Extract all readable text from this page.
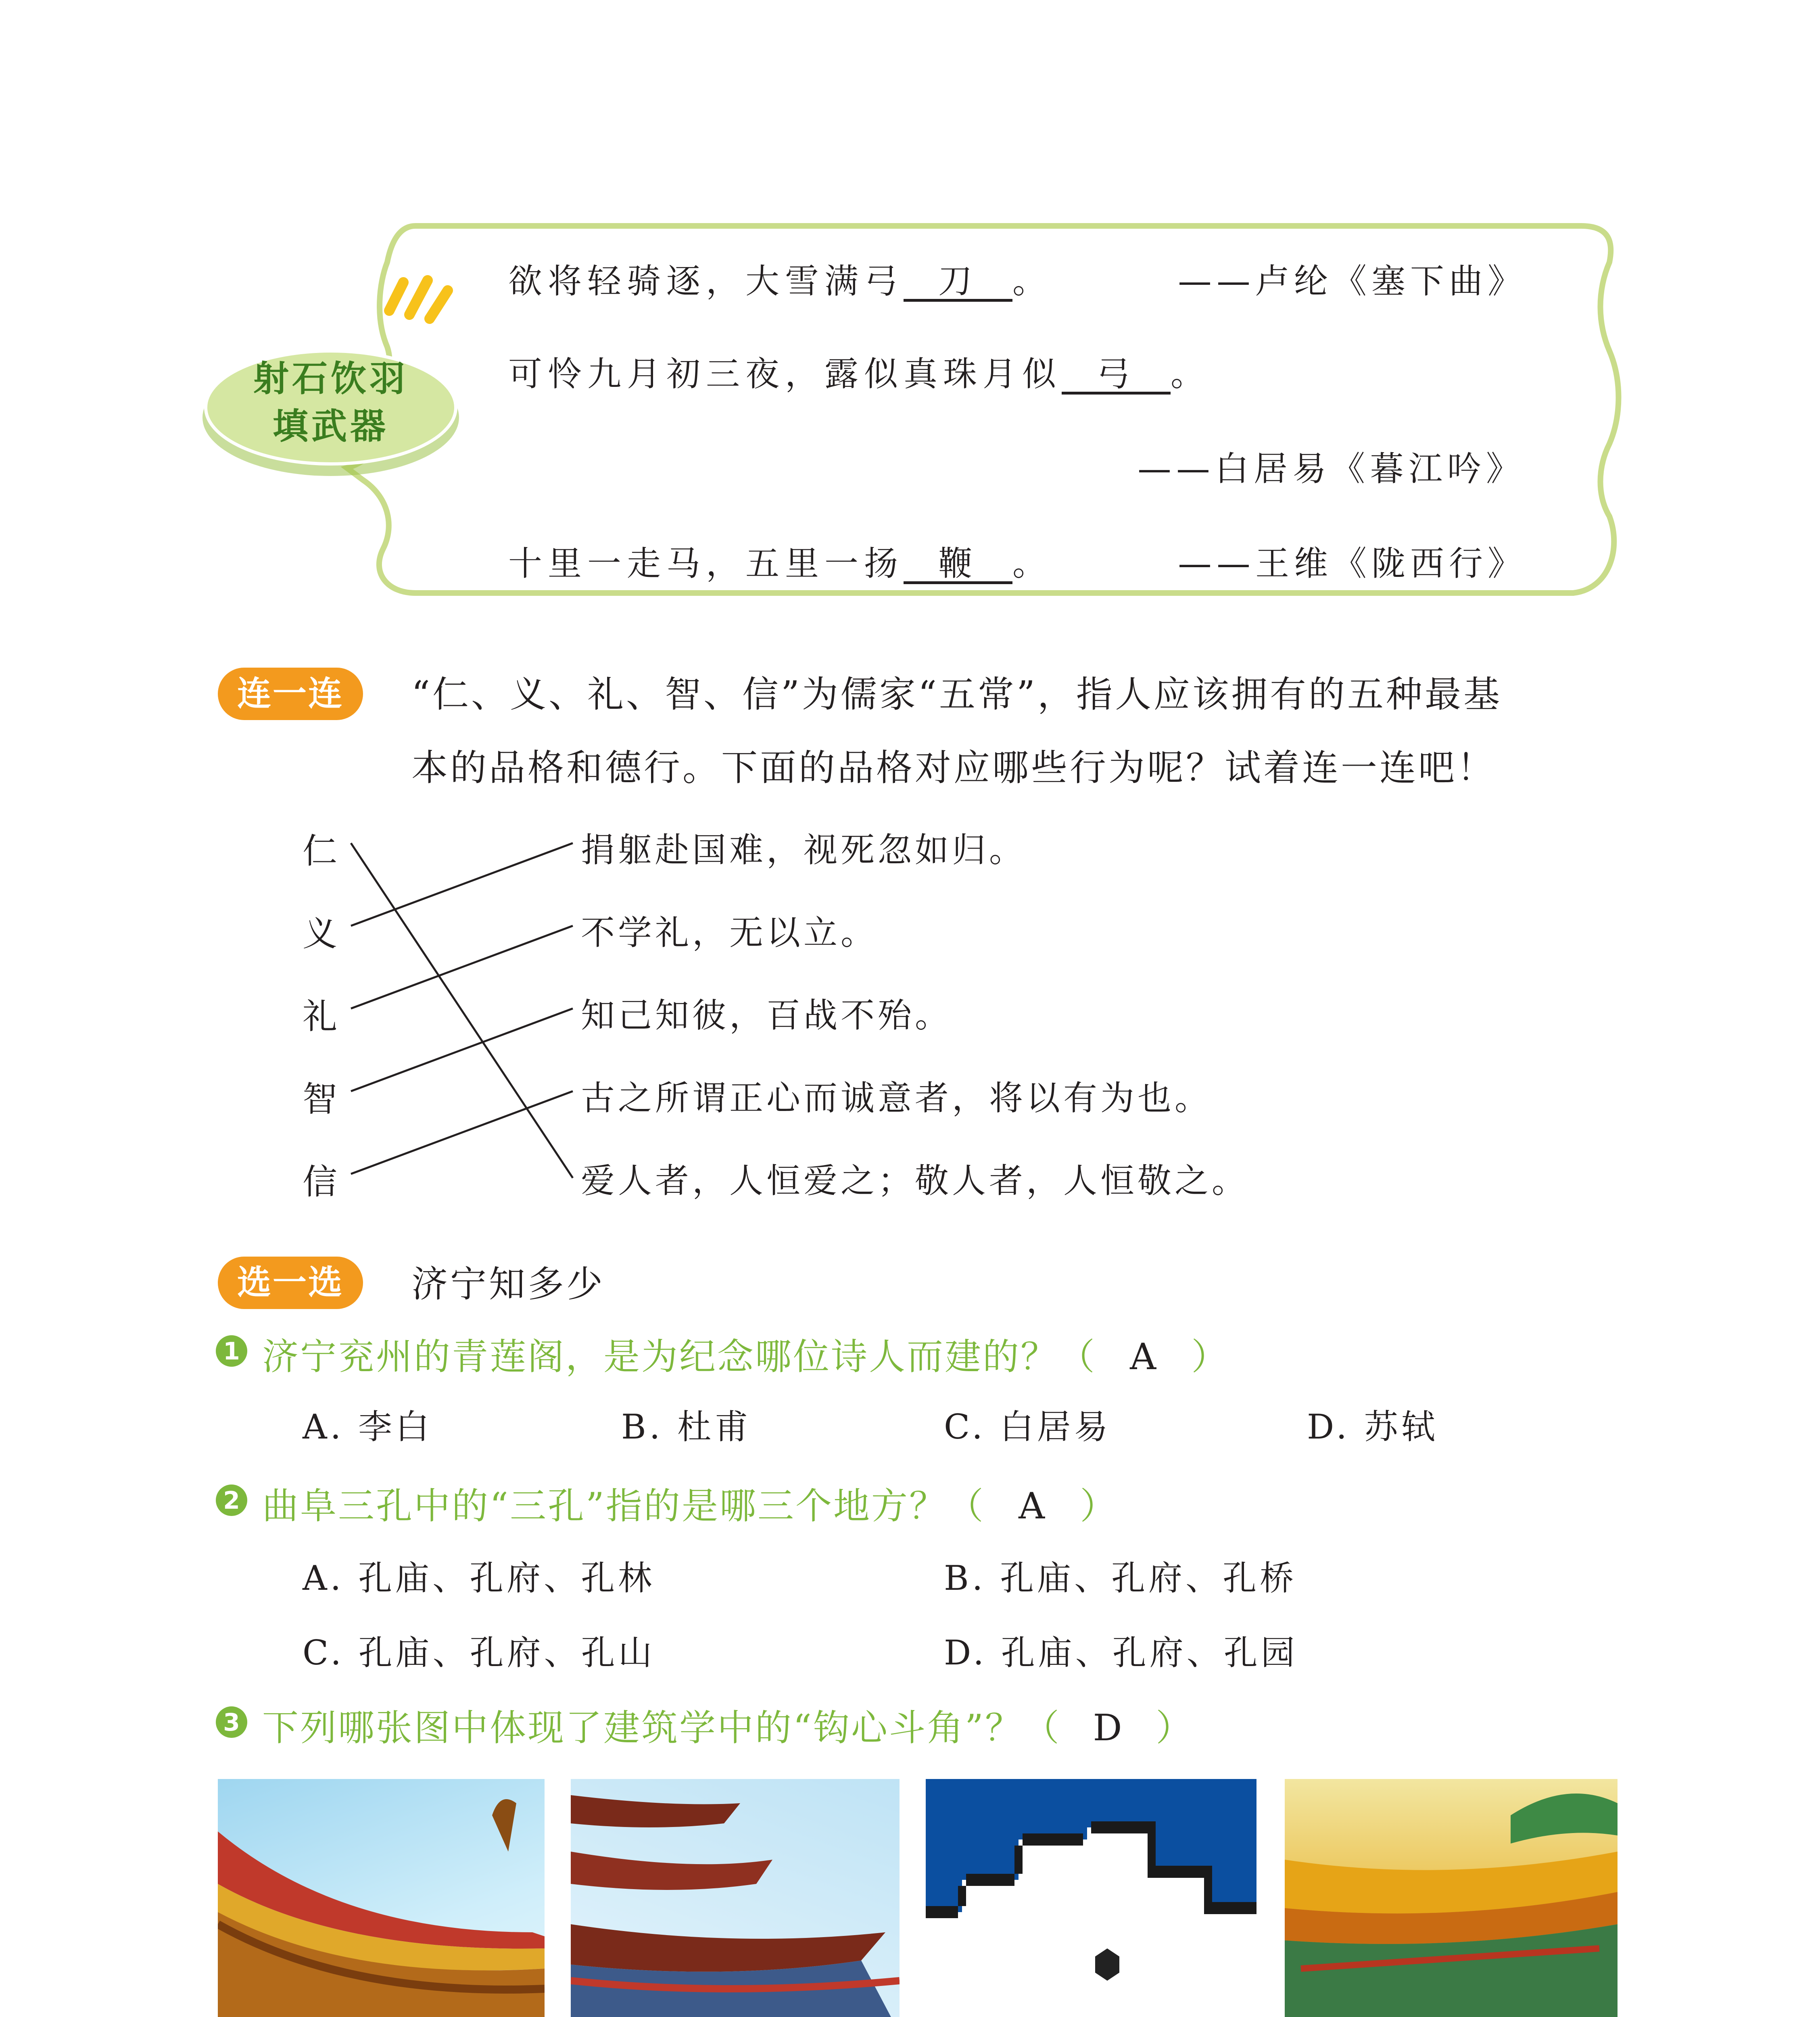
射石饮羽
填武器
欲将轻骑逐，大雪满弓 刀 。	——卢纶《塞下曲》
可怜九月初三夜，露似真珠月似 弓 。
——白居易《暮江吟》
十里一走马，五里一扬 鞭 。	——王维《陇西行》
连一连	“仁、义、礼、智、信”为儒家“五常”，指人应该拥有的五种最基
本的品格和德行。下面的品格对应哪些行为呢？试着连一连吧！
仁
义
礼
智
信
捐躯赴国难，视死忽如归。
不学礼，无以立。
知己知彼，百战不殆。
古之所谓正心而诚意者，将以有为也。
爱人者，人恒爱之；敬人者，人恒敬之。
选一选	济宁知多少
1 济宁兖州的青莲阁，是为纪念哪位诗人而建的？（ A ）
A. 李白	B. 杜甫	C. 白居易	D. 苏轼
2 曲阜三孔中的“三孔”指的是哪三个地方？（ A ）
A. 孔庙、孔府、孔林	B. 孔庙、孔府、孔桥
C. 孔庙、孔府、孔山	D. 孔庙、孔府、孔园
3 下列哪张图中体现了建筑学中的“钩心斗角”？（ D ）
